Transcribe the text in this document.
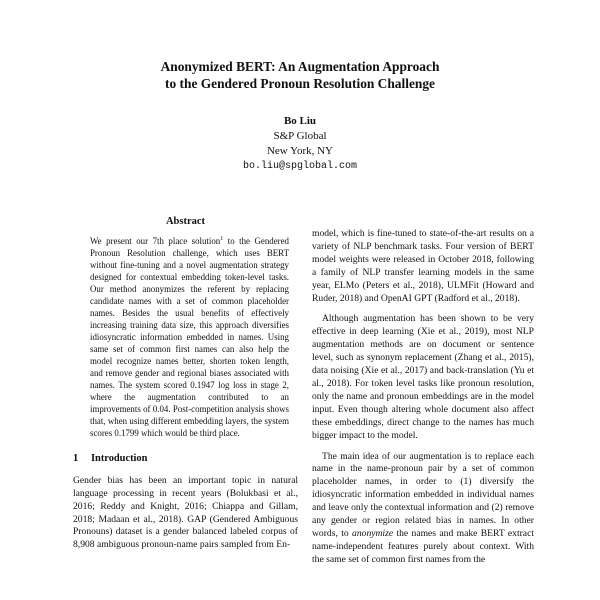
Anonymized BERT: An Augmentation Approach
to the Gendered Pronoun Resolution Challenge
Bo Liu
S&P Global
New York, NY
bo.liu@spglobal.com
Abstract

We present our 7th place solution$^1$ to the Gendered Pronoun Resolution challenge, which uses BERT without fine-tuning and a novel augmentation strategy designed for contextual embedding token-level tasks. Our method anonymizes the referent by replacing candidate names with a set of common placeholder names. Besides the usual benefits of effectively increasing training data size, this approach diversifies idiosyncratic information embedded in names. Using same set of common first names can also help the model recognize names better, shorten token length, and remove gender and regional biases associated with names. The system scored 0.1947 log loss in stage 2, where the augmentation contributed to an improvements of 0.04. Post-competition analysis shows that, when using different embedding layers, the system scores 0.1799 which would be third place.

1 Introduction

Gender bias has been an important topic in natural language processing in recent years (Bolukbasi et al., 2016; Reddy and Knight, 2016; Chiappa and Gillam, 2018; Madaan et al., 2018). GAP (Gendered Ambiguous Pronouns) dataset is a gender balanced labeled corpus of 8,908 ambiguous pronoun-name pairs sampled from En-

model, which is fine-tuned to state-of-the-art results on a variety of NLP benchmark tasks. Four version of BERT model weights were released in October 2018, following a family of NLP transfer learning models in the same year, ELMo (Peters et al., 2018), ULMFit (Howard and Ruder, 2018) and OpenAI GPT (Radford et al., 2018).

Although augmentation has been shown to be very effective in deep learning (Xie et al., 2019), most NLP augmentation methods are on document or sentence level, such as synonym replacement (Zhang et al., 2015), data noising (Xie et al., 2017) and back-translation (Yu et al., 2018). For token level tasks like pronoun resolution, only the name and pronoun embeddings are in the model input. Even though altering whole document also affect these embeddings, direct change to the names has much bigger impact to the model.

The main idea of our augmentation is to replace each name in the name-pronoun pair by a set of common placeholder names, in order to (1) diversify the idiosyncratic information embedded in individual names and leave only the contextual information and (2) remove any gender or region related bias in names. In other words, to anonymize the names and make BERT extract name-independent features purely about context. With the same set of common first names from the
